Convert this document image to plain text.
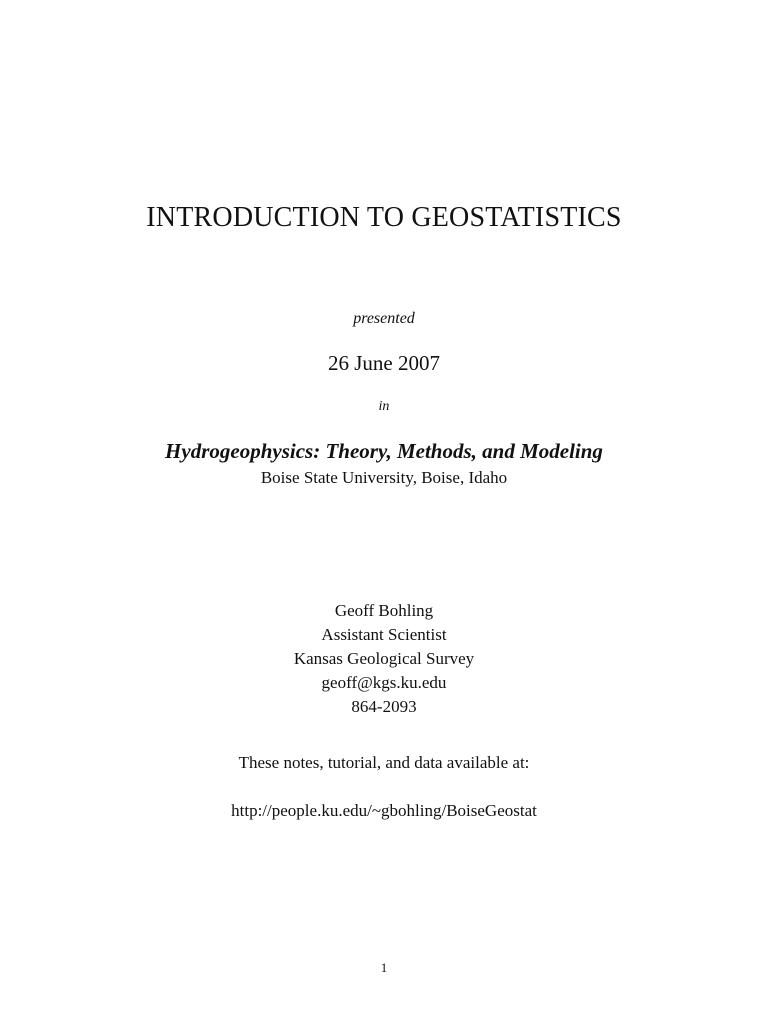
INTRODUCTION TO GEOSTATISTICS
presented
26 June 2007
in
Hydrogeophysics: Theory, Methods, and Modeling
Boise State University, Boise, Idaho
Geoff Bohling
Assistant Scientist
Kansas Geological Survey
geoff@kgs.ku.edu
864-2093
These notes, tutorial, and data available at:
http://people.ku.edu/~gbohling/BoiseGeostat
1
